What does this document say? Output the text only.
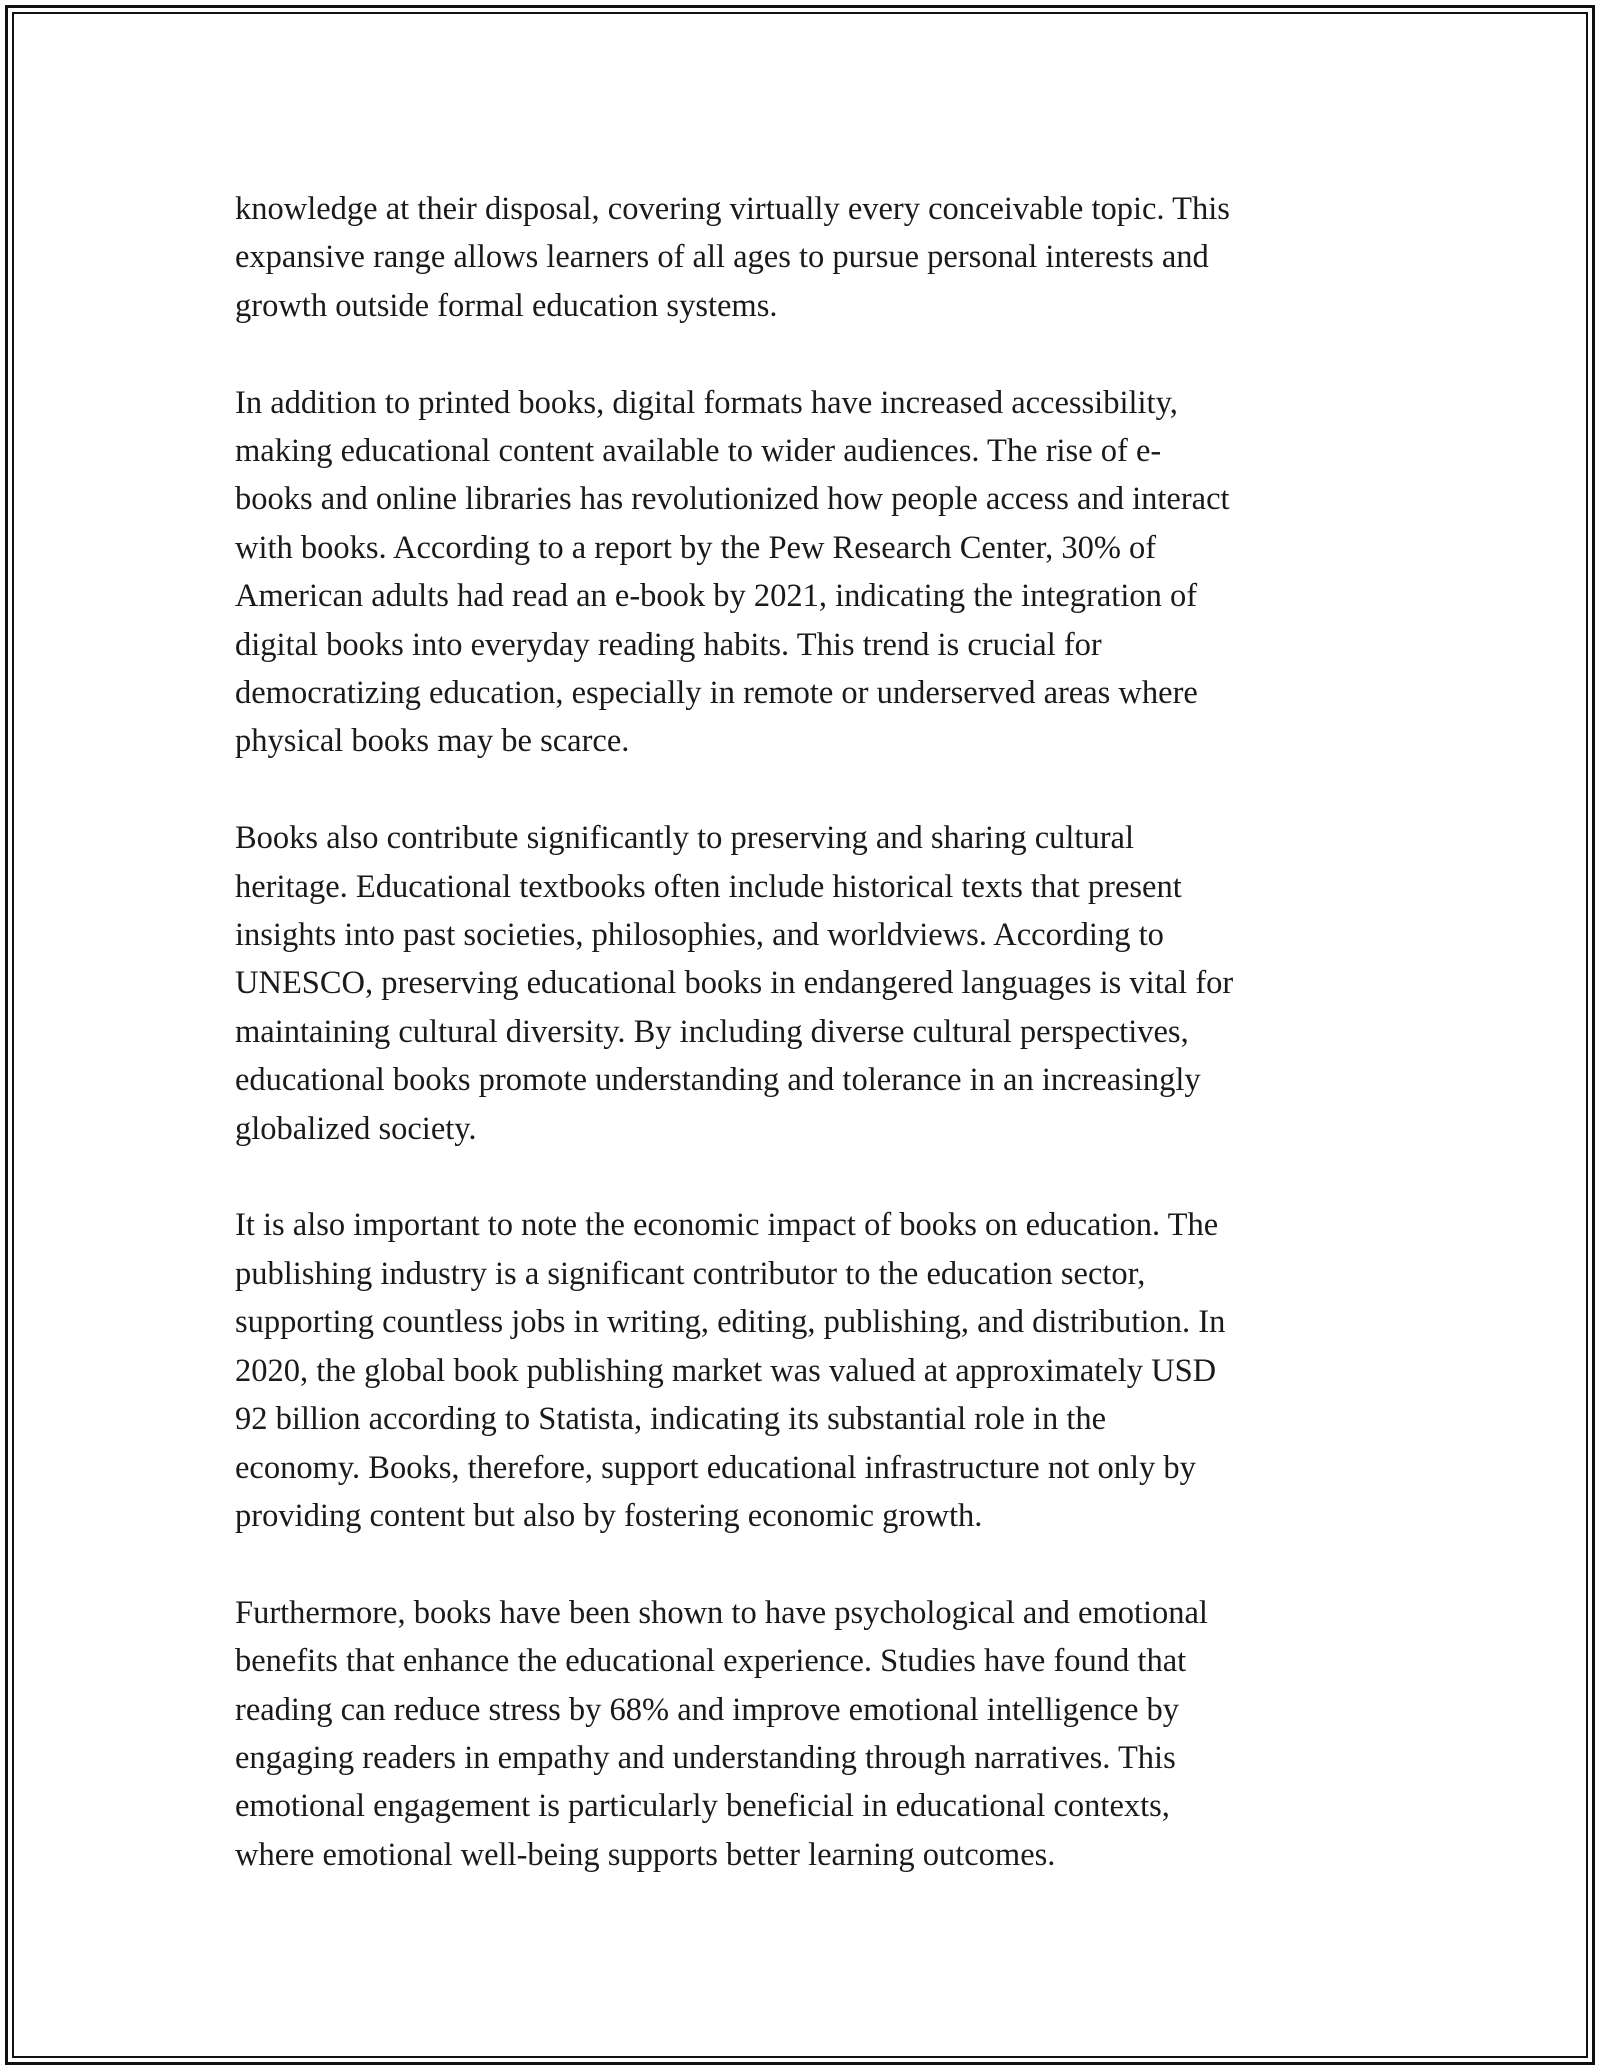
knowledge at their disposal, covering virtually every conceivable topic. This
expansive range allows learners of all ages to pursue personal interests and
growth outside formal education systems.

In addition to printed books, digital formats have increased accessibility,
making educational content available to wider audiences. The rise of e-
books and online libraries has revolutionized how people access and interact
with books. According to a report by the Pew Research Center, 30% of
American adults had read an e-book by 2021, indicating the integration of
digital books into everyday reading habits. This trend is crucial for
democratizing education, especially in remote or underserved areas where
physical books may be scarce.

Books also contribute significantly to preserving and sharing cultural
heritage. Educational textbooks often include historical texts that present
insights into past societies, philosophies, and worldviews. According to
UNESCO, preserving educational books in endangered languages is vital for
maintaining cultural diversity. By including diverse cultural perspectives,
educational books promote understanding and tolerance in an increasingly
globalized society.

It is also important to note the economic impact of books on education. The
publishing industry is a significant contributor to the education sector,
supporting countless jobs in writing, editing, publishing, and distribution. In
2020, the global book publishing market was valued at approximately USD
92 billion according to Statista, indicating its substantial role in the
economy. Books, therefore, support educational infrastructure not only by
providing content but also by fostering economic growth.

Furthermore, books have been shown to have psychological and emotional
benefits that enhance the educational experience. Studies have found that
reading can reduce stress by 68% and improve emotional intelligence by
engaging readers in empathy and understanding through narratives. This
emotional engagement is particularly beneficial in educational contexts,
where emotional well-being supports better learning outcomes.
